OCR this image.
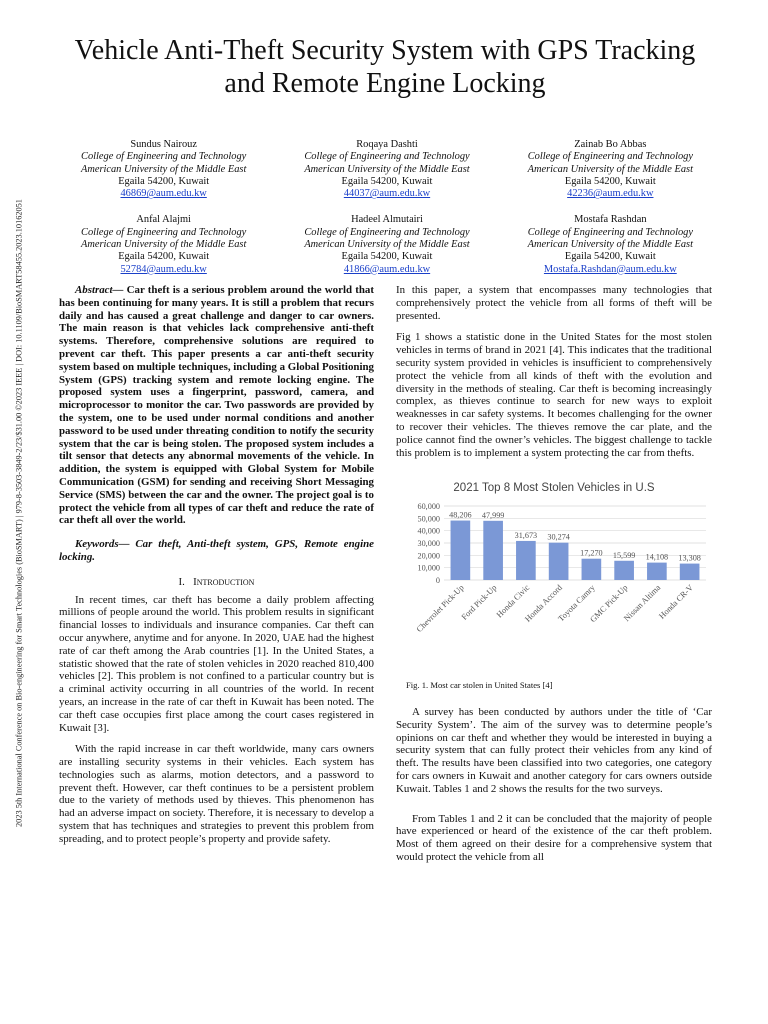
2023 5th International Conference on Bio-engineering for Smart Technologies (BioSMART) | 979-8-3503-3849-2/23/$31.00 ©2023 IEEE | DOI: 10.1109/BioSMART58455.2023.10162051
Vehicle Anti-Theft Security System with GPS Tracking and Remote Engine Locking
Sundus Nairouz
College of Engineering and Technology
American University of the Middle East
Egaila 54200, Kuwait
46869@aum.edu.kw
Roqaya Dashti
College of Engineering and Technology
American University of the Middle East
Egaila 54200, Kuwait
44037@aum.edu.kw
Zainab Bo Abbas
College of Engineering and Technology
American University of the Middle East
Egaila 54200, Kuwait
42236@aum.edu.kw
Anfal Alajmi
College of Engineering and Technology
American University of the Middle East
Egaila 54200, Kuwait
52784@aum.edu.kw
Hadeel Almutairi
College of Engineering and Technology
American University of the Middle East
Egaila 54200, Kuwait
41866@aum.edu.kw
Mostafa Rashdan
College of Engineering and Technology
American University of the Middle East
Egaila 54200, Kuwait
Mostafa.Rashdan@aum.edu.kw

Abstract— Car theft is a serious problem around the world that has been continuing for many years. It is still a problem that recurs daily and has caused a great challenge and danger to car owners. The main reason is that vehicles lack comprehensive anti-theft systems. Therefore, comprehensive solutions are required to prevent car theft. This paper presents a car anti-theft security system based on multiple techniques, including a Global Positioning System (GPS) tracking system and remote locking engine. The proposed system uses a fingerprint, password, camera, and microprocessor to monitor the car. Two passwords are provided by the system, one to be used under normal conditions and another password to be used under threating condition to notify the security system that the car is being stolen. The proposed system includes a tilt sensor that detects any abnormal movements of the vehicle. In addition, the system is equipped with Global System for Mobile Communication (GSM) for sending and receiving Short Messaging Service (SMS) between the car and the owner. The project goal is to protect the vehicle from all types of car theft and reduce the rate of car theft all over the world.

Keywords— Car theft, Anti-theft system, GPS, Remote engine locking.

I. Introduction

In recent times, car theft has become a daily problem affecting millions of people around the world. This problem results in significant financial losses to individuals and insurance companies. Car theft can occur anywhere, anytime and for anyone. In 2020, UAE had the highest rate of car theft among the Arab countries [1]. In the United States, a statistic showed that the rate of stolen vehicles in 2020 reached 810,400 vehicles [2]. This problem is not confined to a particular country but is a criminal activity occurring in all countries of the world. In recent years, an increase in the rate of car theft in Kuwait has been noted. The car theft case occupies first place among the court cases registered in Kuwait [3].

With the rapid increase in car theft worldwide, many cars owners are installing security systems in their vehicles. Each system has technologies such as alarms, motion detectors, and a password to prevent theft. However, car theft continues to be a persistent problem due to the variety of methods used by thieves. This phenomenon has had an adverse impact on society. Therefore, it is necessary to develop a system that has techniques and strategies to prevent this problem from spreading, and to protect people’s property and provide safety.

In this paper, a system that encompasses many technologies that comprehensively protect the vehicle from all forms of theft will be presented.

Fig 1 shows a statistic done in the United States for the most stolen vehicles in terms of brand in 2021 [4]. This indicates that the traditional security system provided in vehicles is insufficient to comprehensively protect the vehicle from all kinds of theft with the evolution and diversity in the methods of stealing. Car theft is becoming increasingly complex, as thieves continue to search for new ways to exploit weaknesses in car safety systems. It becomes challenging for the owner to recover their vehicles. The thieves remove the car plate, and the police cannot find the owner’s vehicles. The biggest challenge to tackle this problem is to implement a system protecting the car from thefts.

2021 Top 8 Most Stolen Vehicles in U.S
0
10,000
20,000
30,000
40,000
50,000
60,000
48,206
Chevrolet Pick-Up
47,999
Ford Pick-Up
31,673
Honda Civic
30,274
Honda Accord
17,270
Toyota Camry
15,599
GMC Pick-Up
14,108
Nissan Altima
13,308
Honda CR-V
Fig. 1. Most car stolen in United States [4]

A survey has been conducted by authors under the title of ‘Car Security System’. The aim of the survey was to determine people’s opinions on car theft and whether they would be interested in buying a security system that can fully protect their vehicles from any kind of theft. The results have been classified into two categories, one category for cars owners in Kuwait and another category for cars owners outside Kuwait. Tables 1 and 2 shows the results for the two surveys.

From Tables 1 and 2 it can be concluded that the majority of people have experienced or heard of the existence of the car theft problem. Most of them agreed on their desire for a comprehensive system that would protect the vehicle from all
